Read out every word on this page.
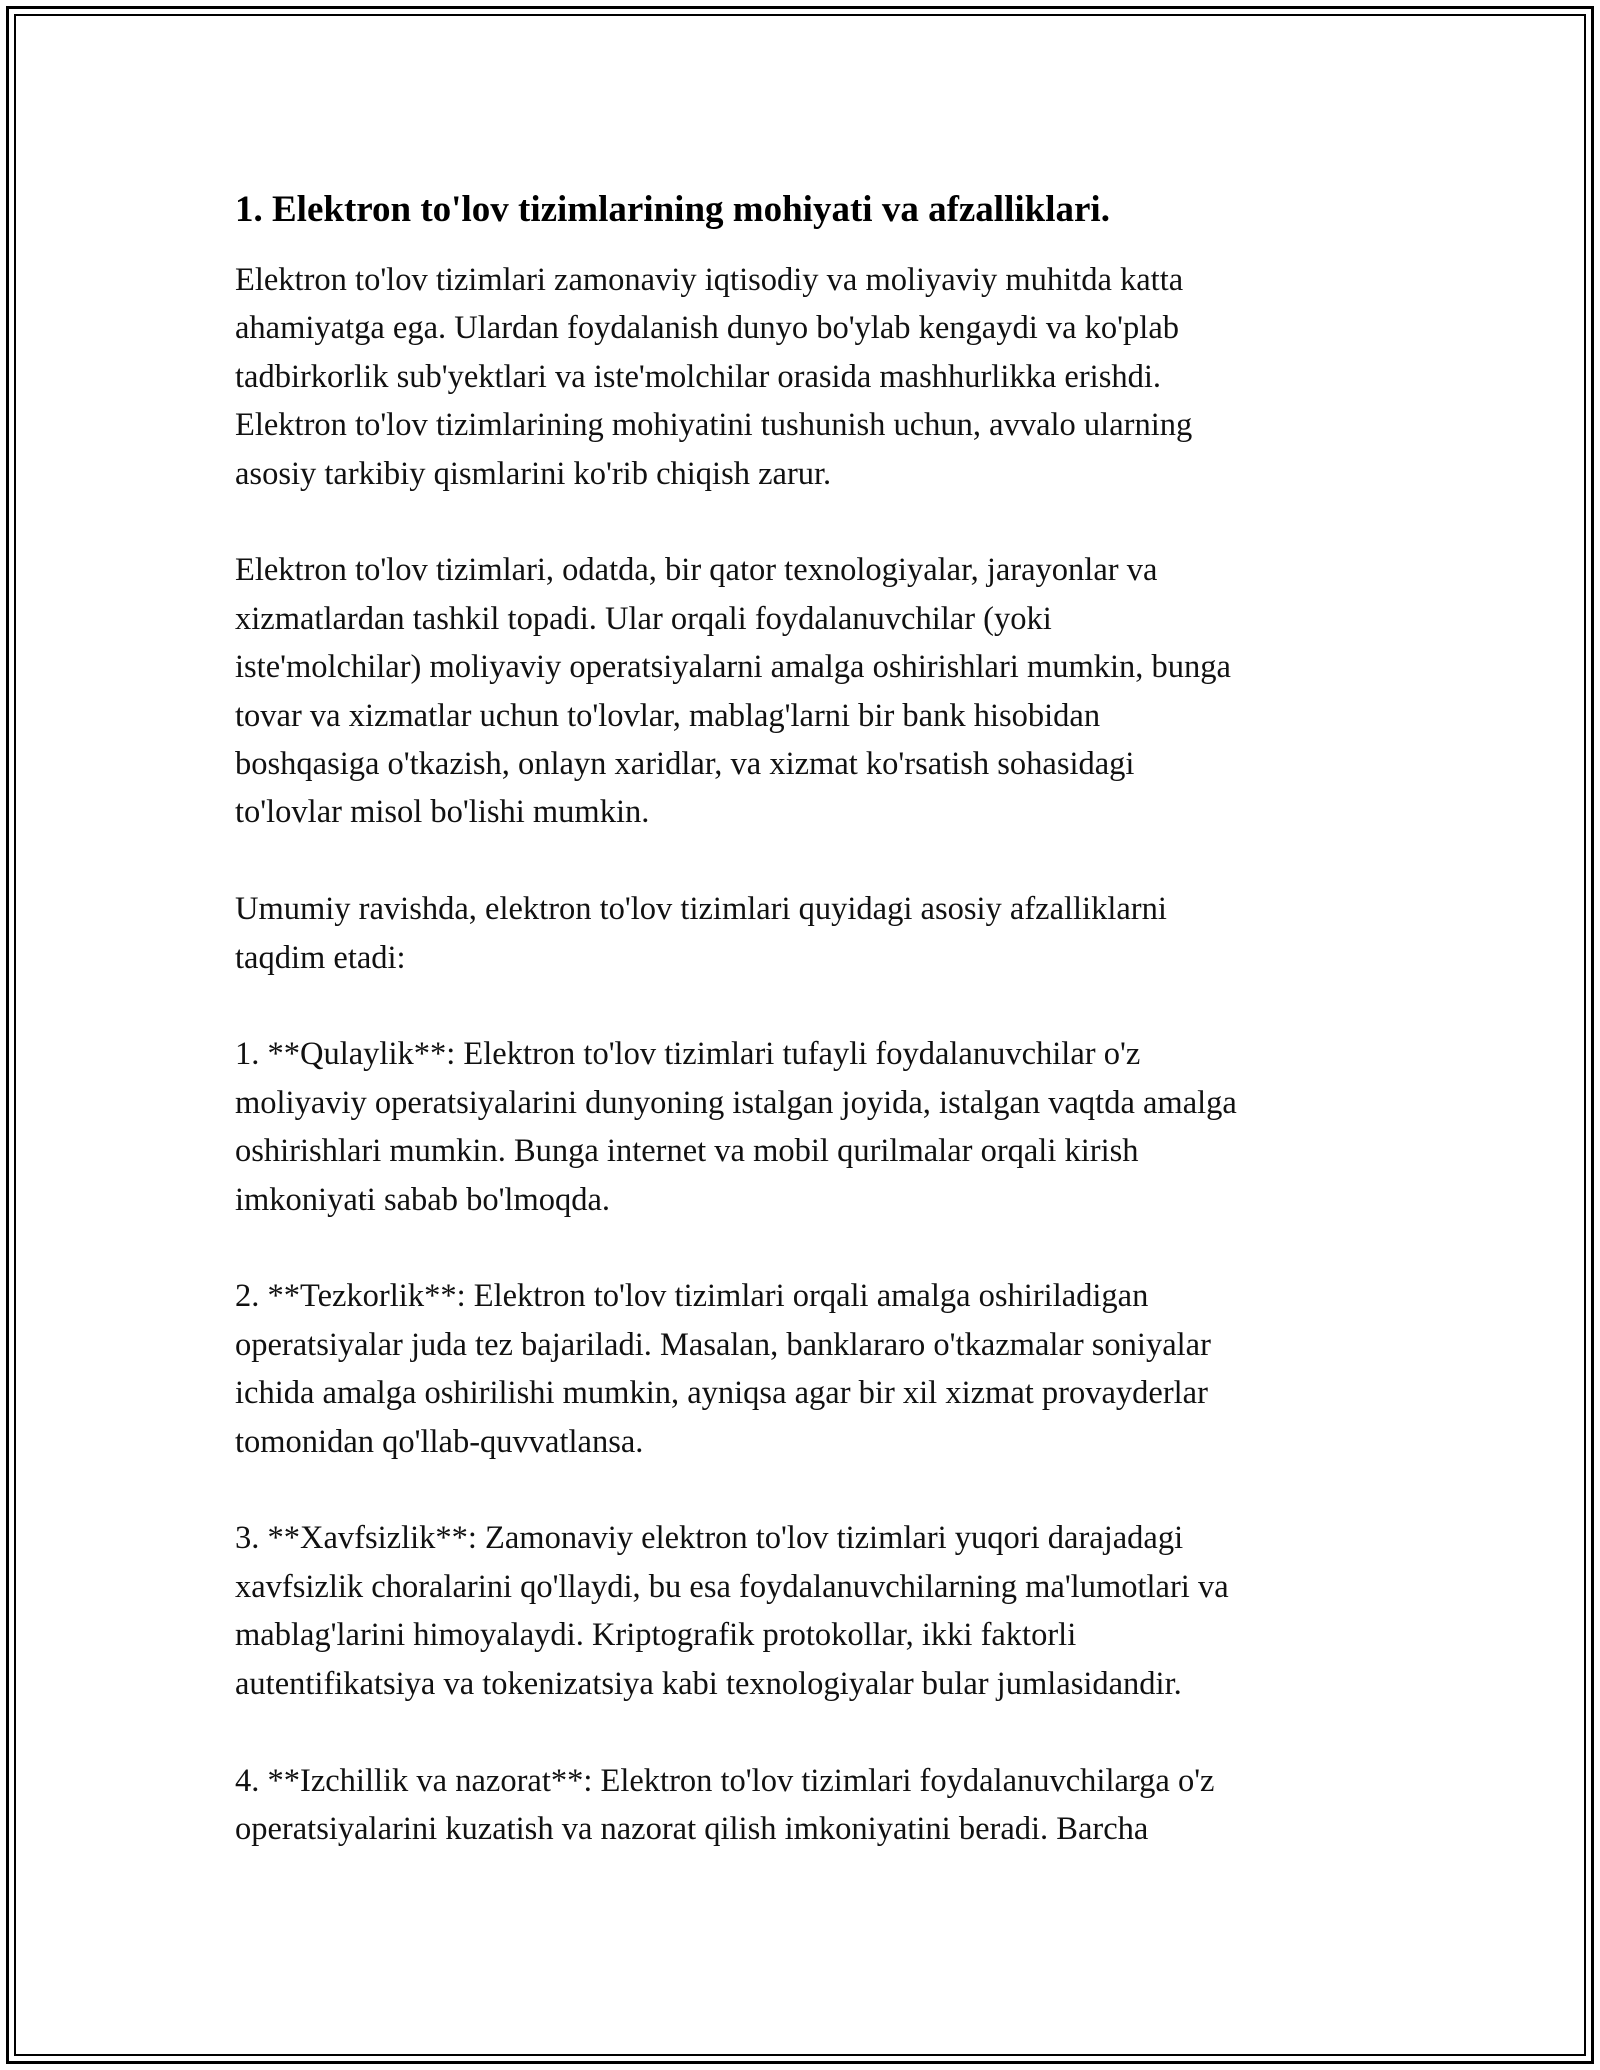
1. Elektron to'lov tizimlarining mohiyati va afzalliklari.
Elektron to'lov tizimlari zamonaviy iqtisodiy va moliyaviy muhitda katta
ahamiyatga ega. Ulardan foydalanish dunyo bo'ylab kengaydi va ko'plab
tadbirkorlik sub'yektlari va iste'molchilar orasida mashhurlikka erishdi.
Elektron to'lov tizimlarining mohiyatini tushunish uchun, avvalo ularning
asosiy tarkibiy qismlarini ko'rib chiqish zarur.
Elektron to'lov tizimlari, odatda, bir qator texnologiyalar, jarayonlar va
xizmatlardan tashkil topadi. Ular orqali foydalanuvchilar (yoki
iste'molchilar) moliyaviy operatsiyalarni amalga oshirishlari mumkin, bunga
tovar va xizmatlar uchun to'lovlar, mablag'larni bir bank hisobidan
boshqasiga o'tkazish, onlayn xaridlar, va xizmat ko'rsatish sohasidagi
to'lovlar misol bo'lishi mumkin.
Umumiy ravishda, elektron to'lov tizimlari quyidagi asosiy afzalliklarni
taqdim etadi:
1. **Qulaylik**: Elektron to'lov tizimlari tufayli foydalanuvchilar o'z
moliyaviy operatsiyalarini dunyoning istalgan joyida, istalgan vaqtda amalga
oshirishlari mumkin. Bunga internet va mobil qurilmalar orqali kirish
imkoniyati sabab bo'lmoqda.
2. **Tezkorlik**: Elektron to'lov tizimlari orqali amalga oshiriladigan
operatsiyalar juda tez bajariladi. Masalan, banklararo o'tkazmalar soniyalar
ichida amalga oshirilishi mumkin, ayniqsa agar bir xil xizmat provayderlar
tomonidan qo'llab-quvvatlansa.
3. **Xavfsizlik**: Zamonaviy elektron to'lov tizimlari yuqori darajadagi
xavfsizlik choralarini qo'llaydi, bu esa foydalanuvchilarning ma'lumotlari va
mablag'larini himoyalaydi. Kriptografik protokollar, ikki faktorli
autentifikatsiya va tokenizatsiya kabi texnologiyalar bular jumlasidandir.
4. **Izchillik va nazorat**: Elektron to'lov tizimlari foydalanuvchilarga o'z
operatsiyalarini kuzatish va nazorat qilish imkoniyatini beradi. Barcha
